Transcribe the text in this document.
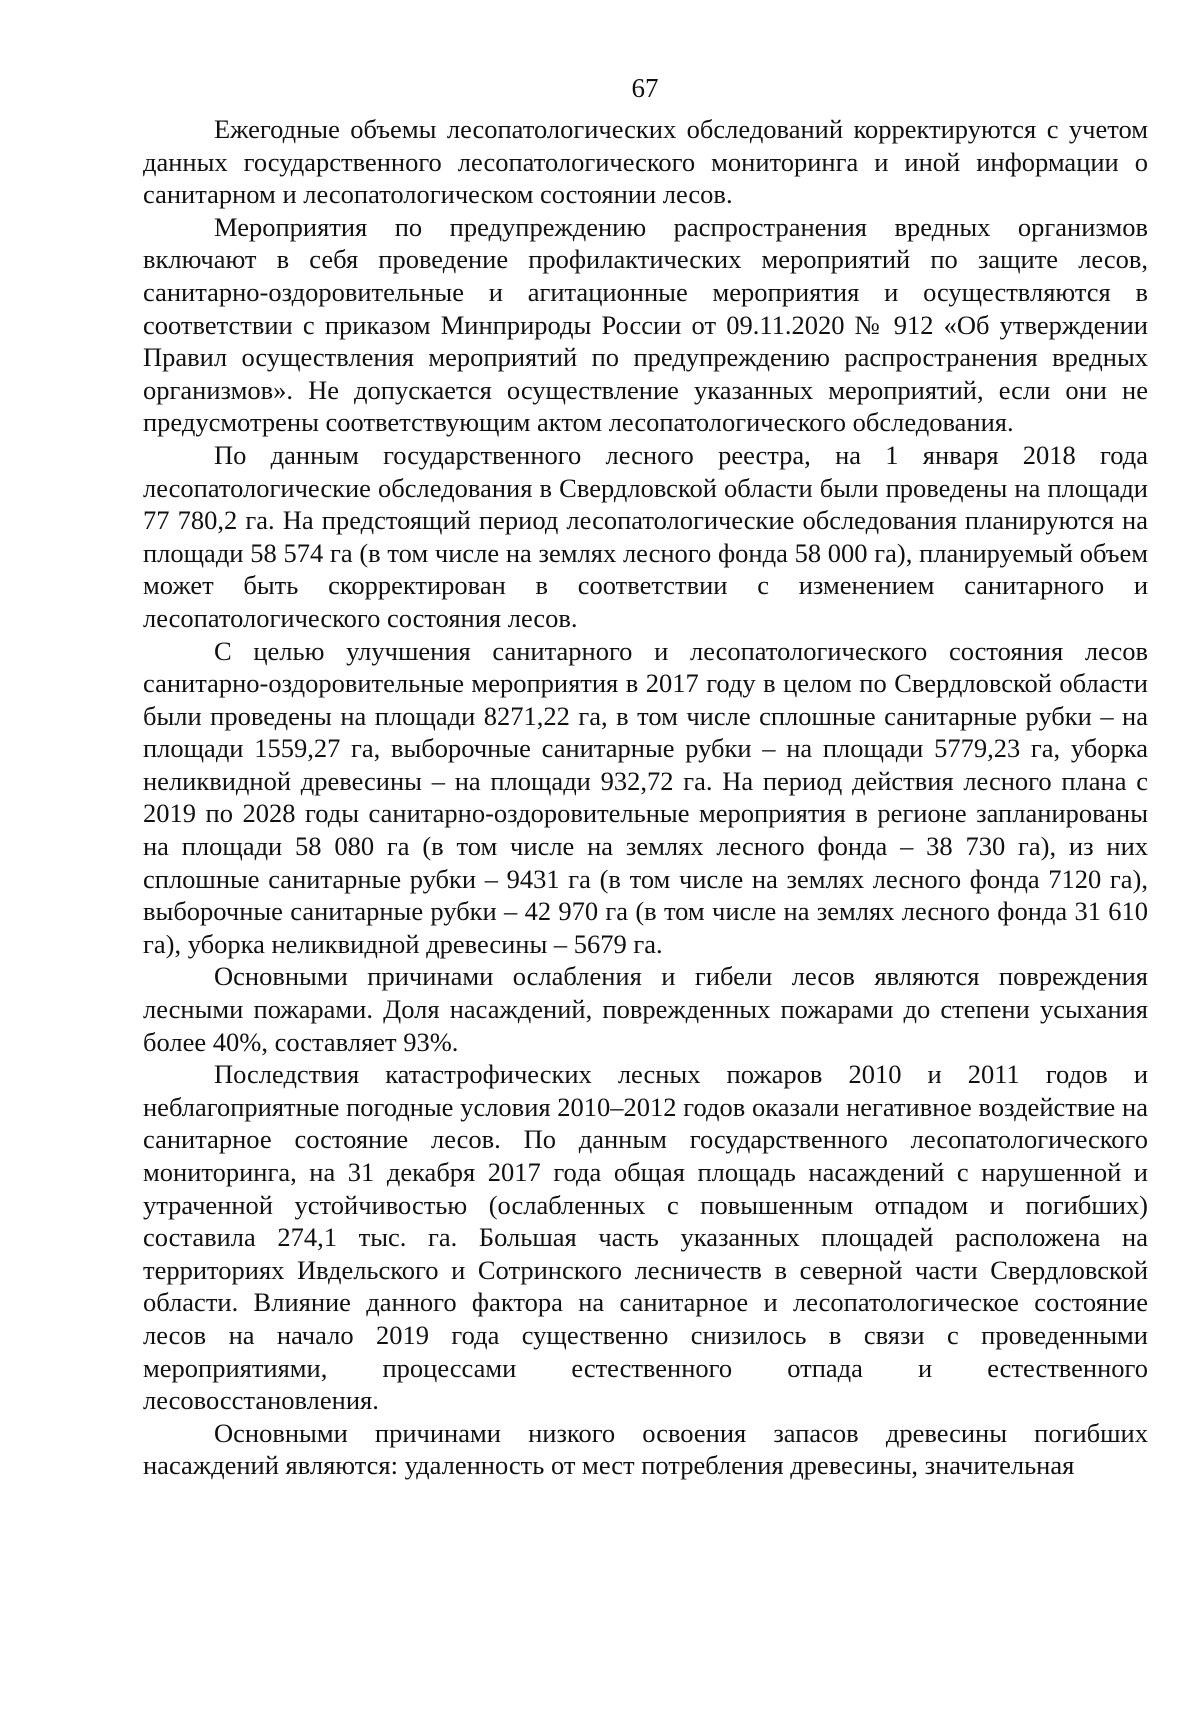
67

Ежегодные объемы лесопатологических обследований корректируются с учетом данных государственного лесопатологического мониторинга и иной информации о санитарном и лесопатологическом состоянии лесов.

Мероприятия по предупреждению распространения вредных организмов включают в себя проведение профилактических мероприятий по защите лесов, санитарно-оздоровительные и агитационные мероприятия и осуществляются в соответствии с приказом Минприроды России от 09.11.2020 № 912 «Об утверждении Правил осуществления мероприятий по предупреждению распространения вредных организмов». Не допускается осуществление указанных мероприятий, если они не предусмотрены соответствующим актом лесопатологического обследования.

По данным государственного лесного реестра, на 1 января 2018 года лесопатологические обследования в Свердловской области были проведены на площади 77 780,2 га. На предстоящий период лесопатологические обследования планируются на площади 58 574 га (в том числе на землях лесного фонда 58 000 га), планируемый объем может быть скорректирован в соответствии с изменением санитарного и лесопатологического состояния лесов.

С целью улучшения санитарного и лесопатологического состояния лесов санитарно-оздоровительные мероприятия в 2017 году в целом по Свердловской области были проведены на площади 8271,22 га, в том числе сплошные санитарные рубки – на площади 1559,27 га, выборочные санитарные рубки – на площади 5779,23 га, уборка неликвидной древесины – на площади 932,72 га. На период действия лесного плана с 2019 по 2028 годы санитарно-оздоровительные мероприятия в регионе запланированы на площади 58 080 га (в том числе на землях лесного фонда – 38 730 га), из них сплошные санитарные рубки – 9431 га (в том числе на землях лесного фонда 7120 га), выборочные санитарные рубки – 42 970 га (в том числе на землях лесного фонда 31 610 га), уборка неликвидной древесины – 5679 га.

Основными причинами ослабления и гибели лесов являются повреждения лесными пожарами. Доля насаждений, поврежденных пожарами до степени усыхания более 40%, составляет 93%.

Последствия катастрофических лесных пожаров 2010 и 2011 годов и неблагоприятные погодные условия 2010–2012 годов оказали негативное воздействие на санитарное состояние лесов. По данным государственного лесопатологического мониторинга, на 31 декабря 2017 года общая площадь насаждений с нарушенной и утраченной устойчивостью (ослабленных с повышенным отпадом и погибших) составила 274,1 тыс. га. Большая часть указанных площадей расположена на территориях Ивдельского и Сотринского лесничеств в северной части Свердловской области. Влияние данного фактора на санитарное и лесопатологическое состояние лесов на начало 2019 года существенно снизилось в связи с проведенными мероприятиями, процессами естественного отпада и естественного лесовосстановления.

Основными причинами низкого освоения запасов древесины погибших насаждений являются: удаленность от мест потребления древесины, значительная
